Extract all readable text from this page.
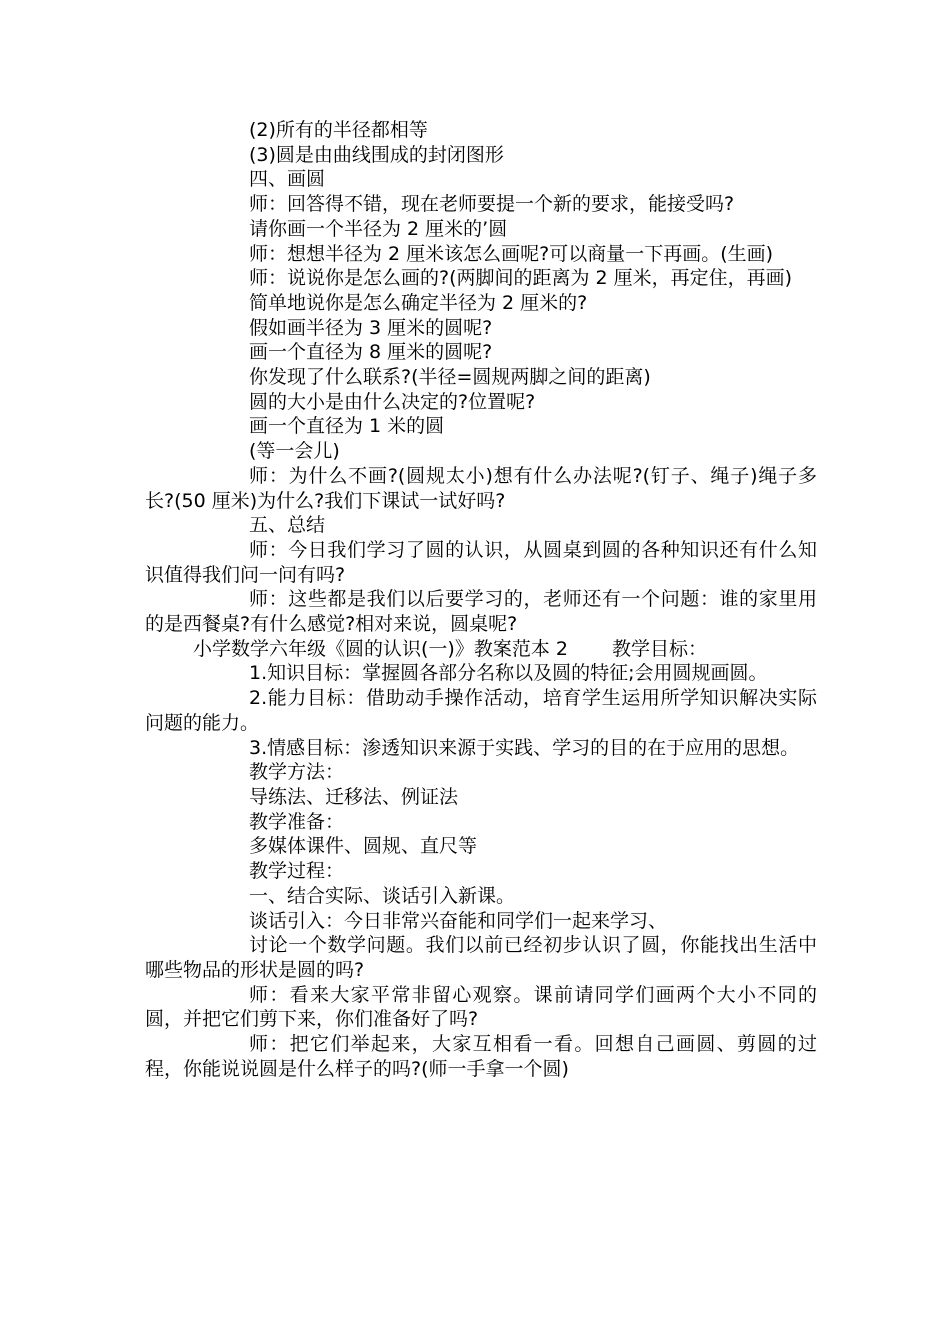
(2)所有的半径都相等

(3)圆是由曲线围成的封闭图形

四、画圆

师：回答得不错，现在老师要提一个新的要求，能接受吗?

请你画一个半径为 2 厘米的’圆

师：想想半径为 2 厘米该怎么画呢?可以商量一下再画。(生画)

师：说说你是怎么画的?(两脚间的距离为 2 厘米，再定住，再画)

简单地说你是怎么确定半径为 2 厘米的?

假如画半径为 3 厘米的圆呢?

画一个直径为 8 厘米的圆呢?

你发现了什么联系?(半径=圆规两脚之间的距离)

圆的大小是由什么决定的?位置呢?

画一个直径为 1 米的圆

(等一会儿)

师：为什么不画?(圆规太小)想有什么办法呢?(钉子、绳子)绳子多长?(50 厘米)为什么?我们下课试一试好吗?

五、总结

师：今日我们学习了圆的认识，从圆桌到圆的各种知识还有什么知识值得我们问一问有吗?

师：这些都是我们以后要学习的，老师还有一个问题：谁的家里用的是西餐桌?有什么感觉?相对来说，圆桌呢?

小学数学六年级《圆的认识(一)》教案范本 2　　 教学目标：

1.知识目标：掌握圆各部分名称以及圆的特征;会用圆规画圆。

2.能力目标：借助动手操作活动，培育学生运用所学知识解决实际问题的能力。

3.情感目标：渗透知识来源于实践、学习的目的在于应用的思想。

教学方法：

导练法、迁移法、例证法

教学准备：

多媒体课件、圆规、直尺等

教学过程：

一、结合实际、谈话引入新课。

谈话引入：今日非常兴奋能和同学们一起来学习、

讨论一个数学问题。我们以前已经初步认识了圆，你能找出生活中哪些物品的形状是圆的吗?

师：看来大家平常非留心观察。课前请同学们画两个大小不同的圆，并把它们剪下来，你们准备好了吗?

师：把它们举起来，大家互相看一看。回想自己画圆、剪圆的过程，你能说说圆是什么样子的吗?(师一手拿一个圆)
